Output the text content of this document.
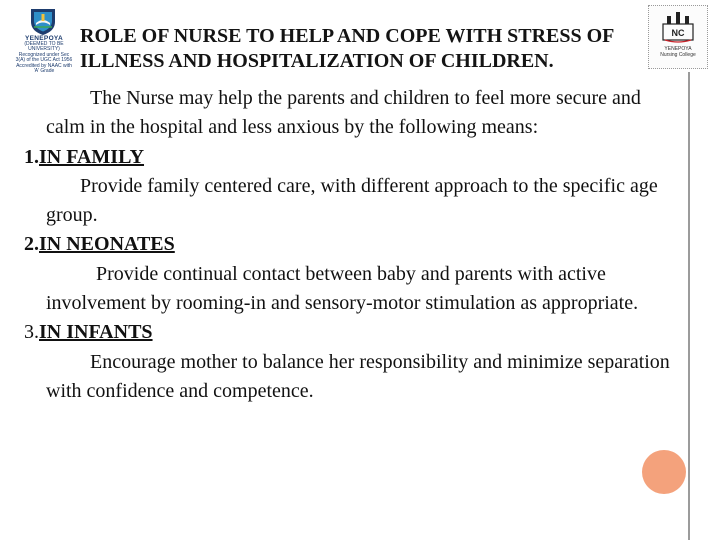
YENEPOYA
(DEEMED TO BE UNIVERSITY)
Recognized under Sec 3(A) of the UGC Act 1956
Accredited by NAAC with 'A' Grade
ROLE OF NURSE TO HELP AND COPE WITH STRESS OF
ILLNESS AND HOSPITALIZATION OF CHILDREN.
NC
YENEPOYA
Nursing College

The Nurse may help the parents and children to feel more secure and calm in the hospital and less anxious by the following means:

1.IN FAMILY

Provide family centered care, with different approach to the specific age group.

2.IN NEONATES

Provide continual contact between baby and parents with active involvement by rooming-in and sensory-motor stimulation as appropriate.

3.IN INFANTS

Encourage mother to balance her responsibility and minimize separation with confidence and competence.
